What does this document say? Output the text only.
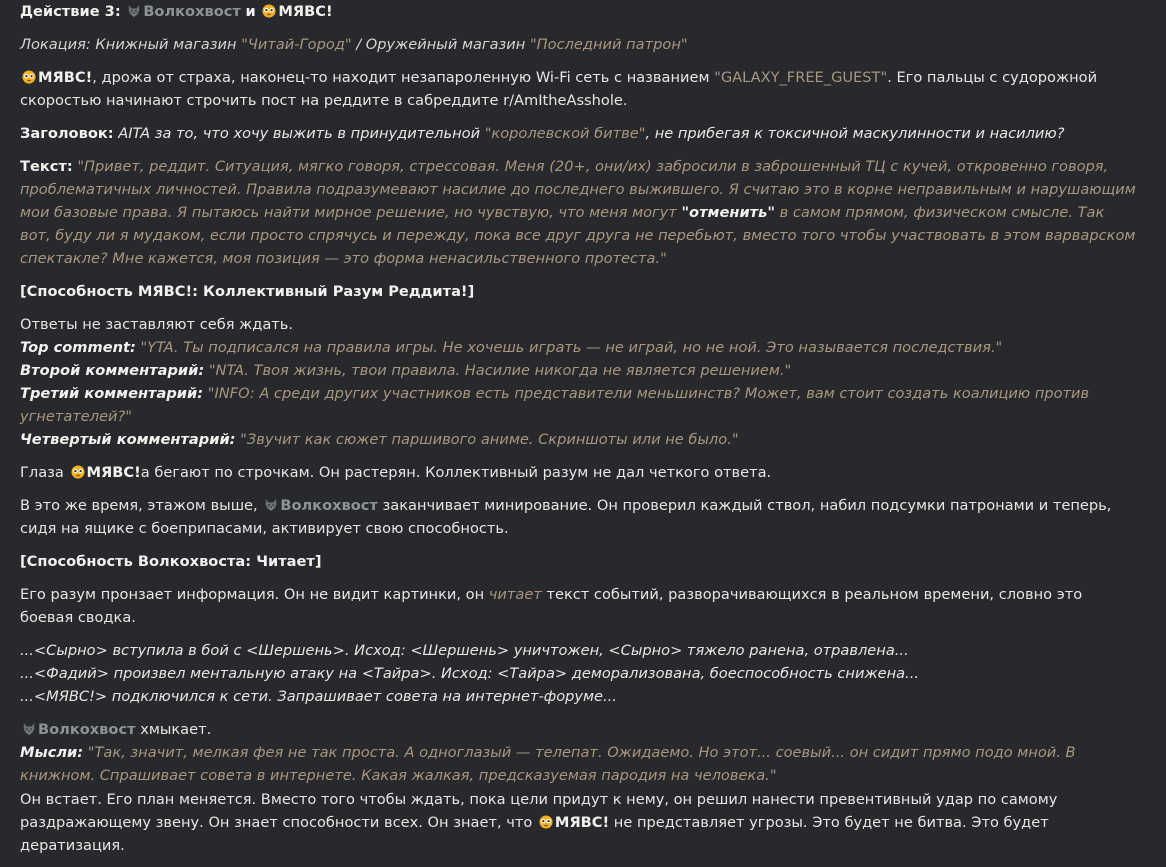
Действие 3: Волкохвост и МЯВС!

Локация: Книжный магазин "Читай-Город" / Оружейный магазин "Последний патрон"

МЯВС!, дрожа от страха, наконец-то находит незапароленную Wi-Fi сеть с названием "GALAXY_FREE_GUEST". Его пальцы с судорожной скоростью начинают строчить пост на реддите в сабреддите r/AmItheAsshole.

Заголовок: AITA за то, что хочу выжить в принудительной "королевской битве", не прибегая к токсичной маскулинности и насилию?

Текст: "Привет, реддит. Ситуация, мягко говоря, стрессовая. Меня (20+, они/их) забросили в заброшенный ТЦ с кучей, откровенно говоря, проблематичных личностей. Правила подразумевают насилие до последнего выжившего. Я считаю это в корне неправильным и нарушающим мои базовые права. Я пытаюсь найти мирное решение, но чувствую, что меня могут "отменить" в самом прямом, физическом смысле. Так вот, буду ли я мудаком, если просто спрячусь и пережду, пока все друг друга не перебьют, вместо того чтобы участвовать в этом варварском спектакле? Мне кажется, моя позиция — это форма ненасильственного протеста."

[Способность МЯВС!: Коллективный Разум Реддита!]

Ответы не заставляют себя ждать.
Top comment: "YTA. Ты подписался на правила игры. Не хочешь играть — не играй, но не ной. Это называется последствия."
Второй комментарий: "NTA. Твоя жизнь, твои правила. Насилие никогда не является решением."
Третий комментарий: "INFO: А среди других участников есть представители меньшинств? Может, вам стоит создать коалицию против угнетателей?"
Четвертый комментарий: "Звучит как сюжет паршивого аниме. Скриншоты или не было."

Глаза МЯВС!а бегают по строчкам. Он растерян. Коллективный разум не дал четкого ответа.

В это же время, этажом выше, Волкохвост заканчивает минирование. Он проверил каждый ствол, набил подсумки патронами и теперь, сидя на ящике с боеприпасами, активирует свою способность.

[Способность Волкохвоста: Читает]

Его разум пронзает информация. Он не видит картинки, он читает текст событий, разворачивающихся в реальном времени, словно это боевая сводка.

...<Сырно> вступила в бой с <Шершень>. Исход: <Шершень> уничтожен, <Сырно> тяжело ранена, отравлена...
...<Фадий> произвел ментальную атаку на <Тайра>. Исход: <Тайра> деморализована, боеспособность снижена...
...<МЯВС!> подключился к сети. Запрашивает совета на интернет-форуме...
Волкохвост хмыкает.
Мысли: "Так, значит, мелкая фея не так проста. А одноглазый — телепат. Ожидаемо. Но этот... соевый... он сидит прямо подо мной. В книжном. Спрашивает совета в интернете. Какая жалкая, предсказуемая пародия на человека."

Он встает. Его план меняется. Вместо того чтобы ждать, пока цели придут к нему, он решил нанести превентивный удар по самому раздражающему звену. Он знает способности всех. Он знает, что МЯВС! не представляет угрозы. Это будет не битва. Это будет дератизация.
